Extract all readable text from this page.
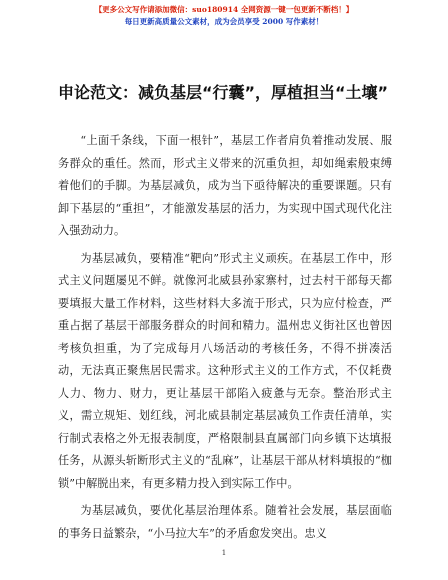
【更多公文写作请添加微信：suo180914 全网资源一键一包更新不断档！】
每日更新高质量公文素材，成为会员享受 2000 写作素材！
申论范文：减负基层“行囊”，厚植担当“土壤”

“上面千条线，下面一根针”，基层工作者肩负着推动发展、服务群众的重任。然而，形式主义带来的沉重负担，却如绳索般束缚着他们的手脚。为基层减负，成为当下亟待解决的重要课题。只有卸下基层的“重担”，才能激发基层的活力，为实现中国式现代化注入强劲动力。

为基层减负，要精准“靶向”形式主义顽疾。在基层工作中，形式主义问题屡见不鲜。就像河北威县孙家寨村，过去村干部每天都要填报大量工作材料，这些材料大多流于形式，只为应付检查，严重占据了基层干部服务群众的时间和精力。温州忠义街社区也曾因考核负担重，为了完成每月八场活动的考核任务，不得不拼凑活动，无法真正聚焦居民需求。这种形式主义的工作方式，不仅耗费人力、物力、财力，更让基层干部陷入疲惫与无奈。整治形式主义，需立规矩、划红线，河北威县制定基层减负工作责任清单，实行制式表格之外无报表制度，严格限制县直属部门向乡镇下达填报任务，从源头斩断形式主义的“乱麻”，让基层干部从材料填报的“枷锁”中解脱出来，有更多精力投入到实际工作中。

为基层减负，要优化基层治理体系。随着社会发展，基层面临的事务日益繁杂，“小马拉大车”的矛盾愈发突出。忠义

1
